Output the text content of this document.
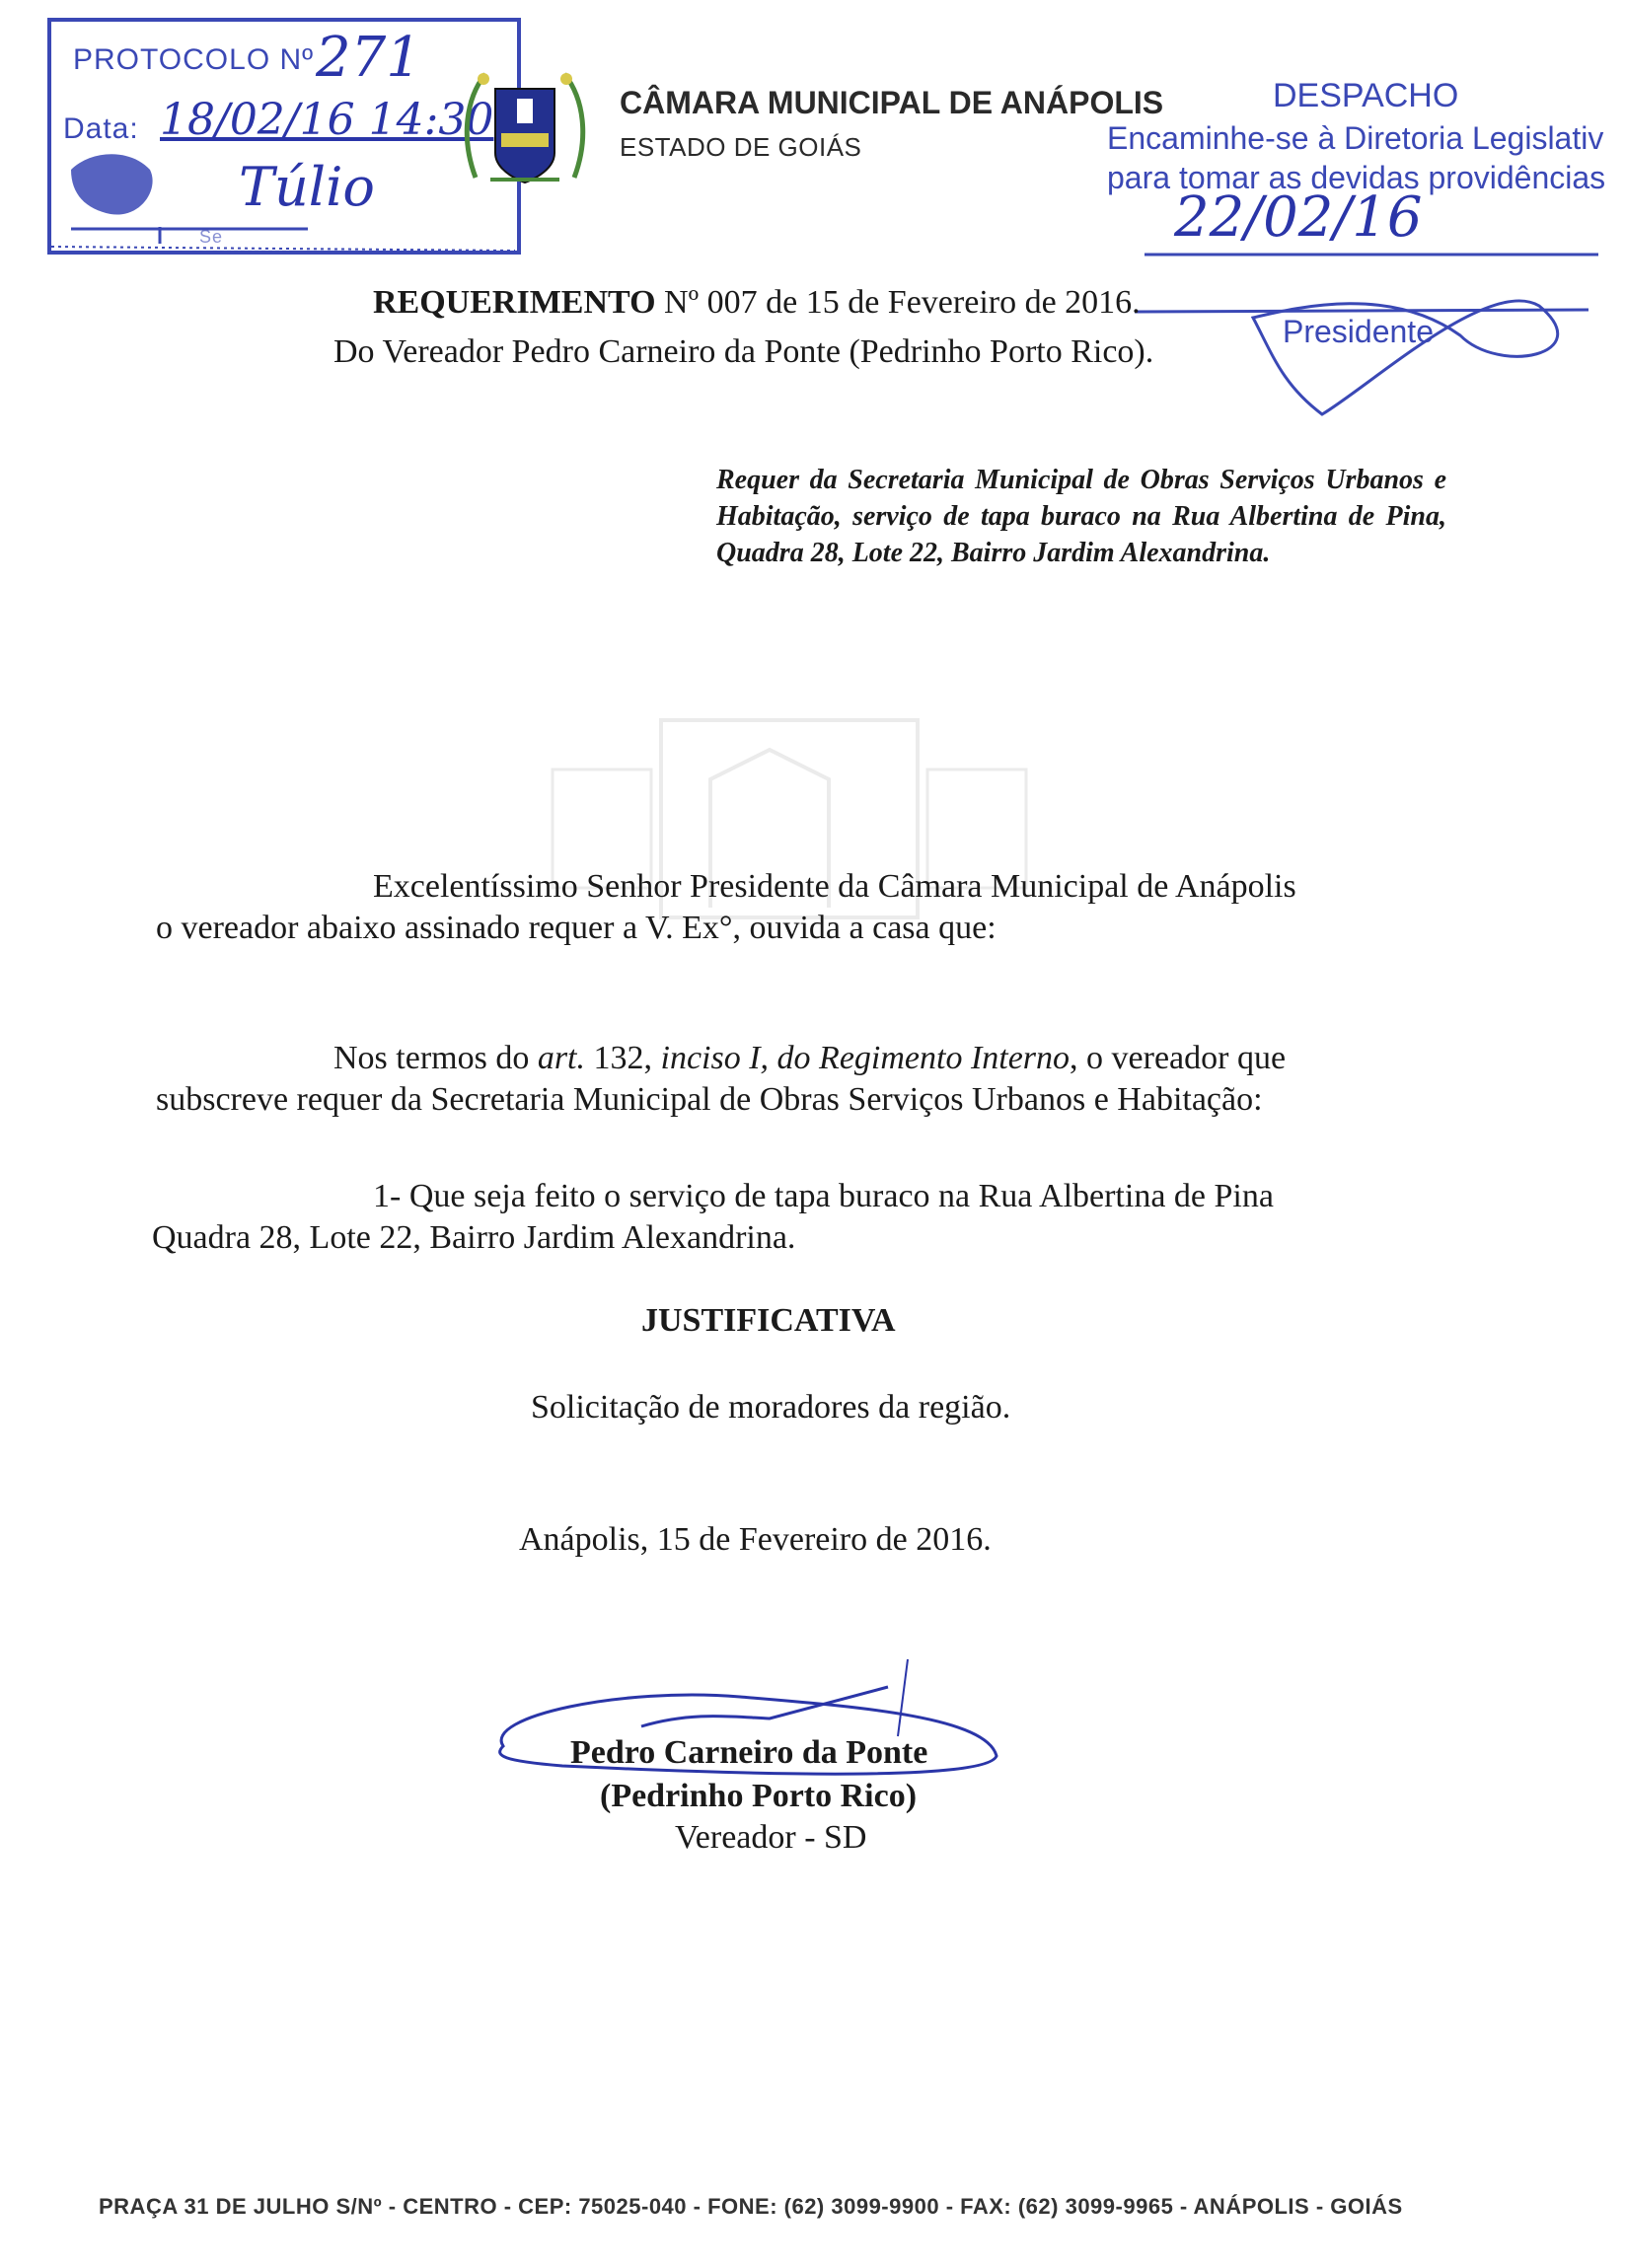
PROTOCOLO Nº 271
Data: 18/02/16 14:30
Túlio
Se
CÂMARA MUNICIPAL DE ANÁPOLIS
ESTADO DE GOIÁS
DESPACHO
Encaminhe-se à Diretoria Legislativ
para tomar as devidas providências
22/02/16
Presidente
REQUERIMENTO Nº 007 de 15 de Fevereiro de 2016.
Do Vereador Pedro Carneiro da Ponte (Pedrinho Porto Rico).
Requer da Secretaria Municipal de Obras Serviços Urbanos e Habitação, serviço de tapa buraco na Rua Albertina de Pina, Quadra 28, Lote 22, Bairro Jardim Alexandrina.
Excelentíssimo Senhor Presidente da Câmara Municipal de Anápolis
o vereador abaixo assinado requer a V. Ex°, ouvida a casa que:
Nos termos do art. 132, inciso I, do Regimento Interno, o vereador que
subscreve requer da Secretaria Municipal de Obras Serviços Urbanos e Habitação:
1- Que seja feito o serviço de tapa buraco na Rua Albertina de Pina
Quadra 28, Lote 22, Bairro Jardim Alexandrina.
JUSTIFICATIVA
Solicitação de moradores da região.
Anápolis, 15 de Fevereiro de 2016.
Pedro Carneiro da Ponte
(Pedrinho Porto Rico)
Vereador - SD
PRAÇA 31 DE JULHO S/Nº - CENTRO - CEP: 75025-040 - FONE: (62) 3099-9900 - FAX: (62) 3099-9965 - ANÁPOLIS - GOIÁS
